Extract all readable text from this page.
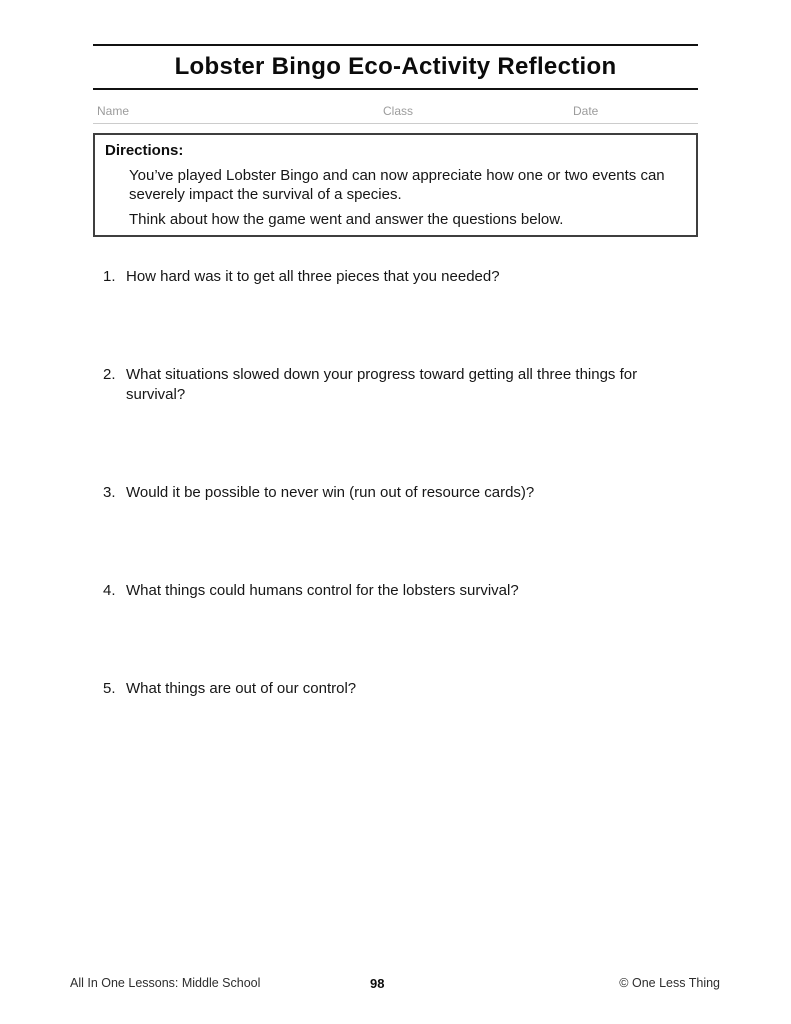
Lobster Bingo Eco-Activity Reflection
Name	Class	Date
Directions:
You’ve played Lobster Bingo and can now appreciate how one or two events can
severely impact the survival of a species.
Think about how the game went and answer the questions below.
1. How hard was it to get all three pieces that you needed?
2. What situations slowed down your progress toward getting all three things for survival?
3. Would it be possible to never win (run out of resource cards)?
4. What things could humans control for the lobsters survival?
5. What things are out of our control?
All In One Lessons: Middle School	98	© One Less Thing
